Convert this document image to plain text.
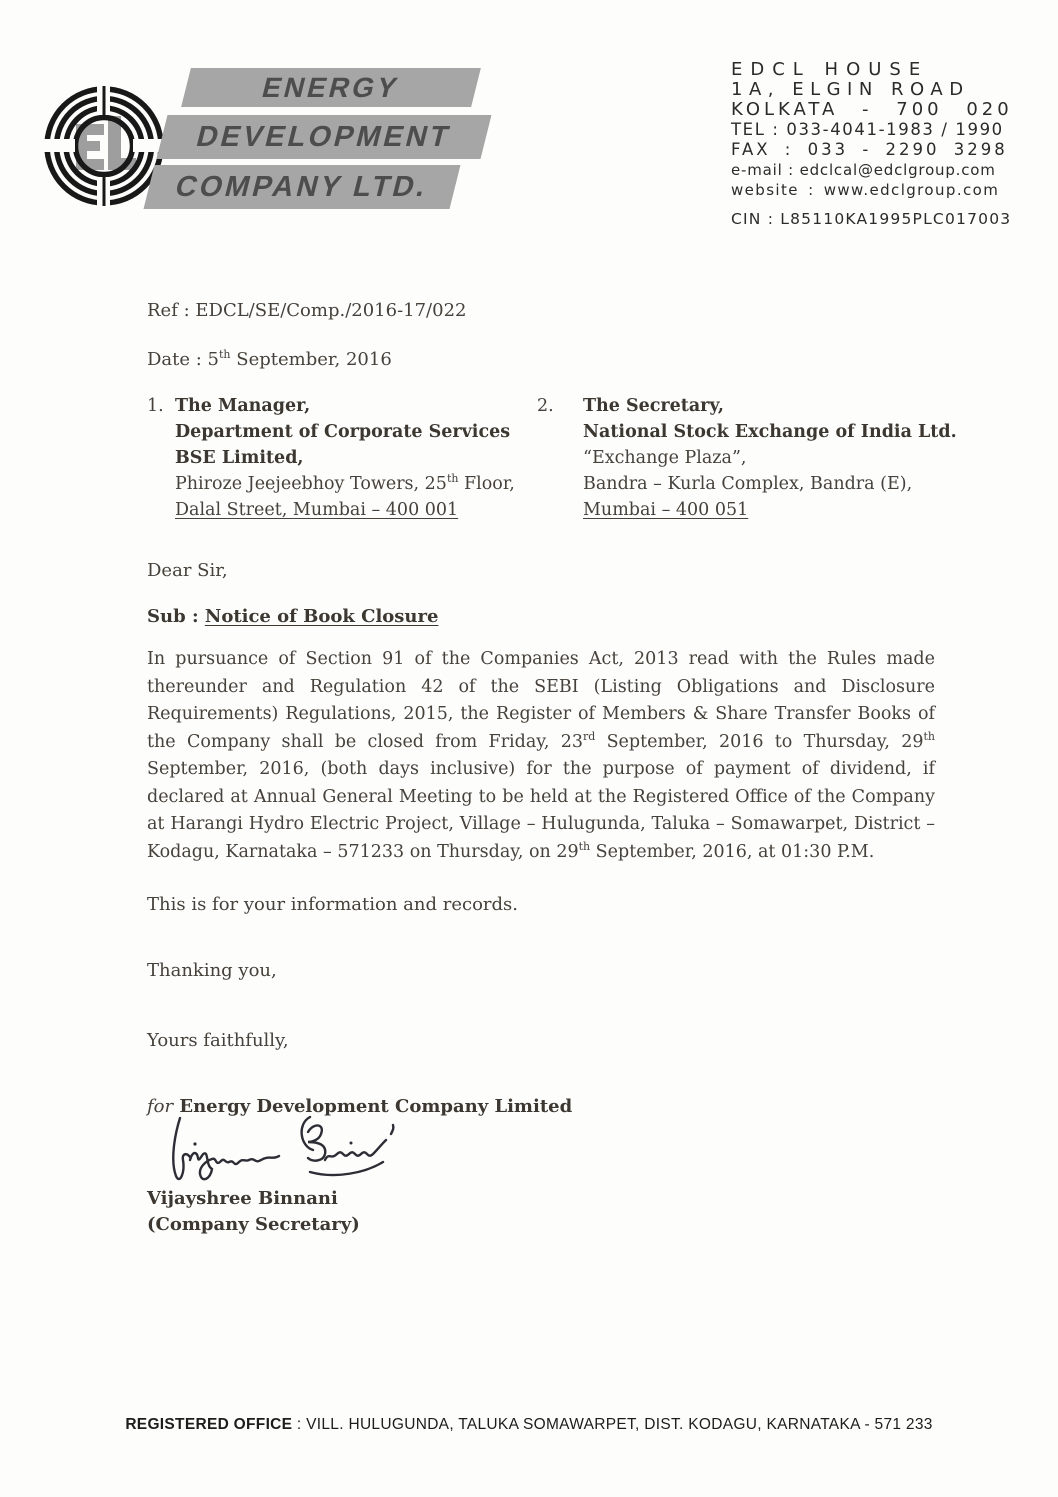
ENERGY
DEVELOPMENT
COMPANY LTD.
EDCL HOUSE
1A, ELGIN ROAD
KOLKATA - 700 020
TEL : 033-4041-1983 / 1990
FAX : 033 - 2290 3298
e-mail : edclcal@edclgroup.com
website : www.edclgroup.com
CIN : L85110KA1995PLC017003
Ref : EDCL/SE/Comp./2016-17/022
Date : 5th September, 2016
1. The Manager,
Department of Corporate Services
BSE Limited,
Phiroze Jeejeebhoy Towers, 25th Floor,
Dalal Street, Mumbai – 400 001
2.	The Secretary,
National Stock Exchange of India Ltd.
“Exchange Plaza”,
Bandra – Kurla Complex, Bandra (E),
Mumbai – 400 051
Dear Sir,
Sub : Notice of Book Closure

In pursuance of Section 91 of the Companies Act, 2013 read with the Rules made thereunder and Regulation 42 of the SEBI (Listing Obligations and Disclosure Requirements) Regulations, 2015, the Register of Members & Share Transfer Books of the Company shall be closed from Friday, 23rd September, 2016 to Thursday, 29th September, 2016, (both days inclusive) for the purpose of payment of dividend, if declared at Annual General Meeting to be held at the Registered Office of the Company at Harangi Hydro Electric Project, Village – Hulugunda, Taluka – Somawarpet, District – Kodagu, Karnataka – 571233 on Thursday, on 29th September, 2016, at 01:30 P.M.

This is for your information and records.
Thanking you,
Yours faithfully,
for Energy Development Company Limited
Vijayshree Binnani
(Company Secretary)
REGISTERED OFFICE : VILL. HULUGUNDA, TALUKA SOMAWARPET, DIST. KODAGU, KARNATAKA - 571 233
